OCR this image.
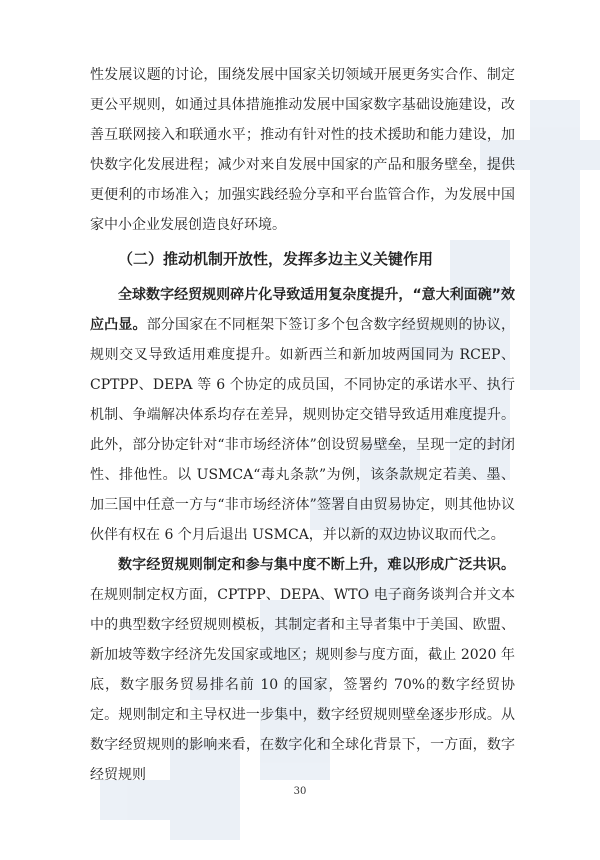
性发展议题的讨论，围绕发展中国家关切领域开展更务实合作、制定更公平规则，如通过具体措施推动发展中国家数字基础设施建设，改善互联网接入和联通水平；推动有针对性的技术援助和能力建设，加快数字化发展进程；减少对来自发展中国家的产品和服务壁垒，提供更便利的市场准入；加强实践经验分享和平台监管合作，为发展中国家中小企业发展创造良好环境。

（二）推动机制开放性，发挥多边主义关键作用

全球数字经贸规则碎片化导致适用复杂度提升，“意大利面碗”效应凸显。部分国家在不同框架下签订多个包含数字经贸规则的协议，规则交叉导致适用难度提升。如新西兰和新加坡两国同为 RCEP、CPTPP、DEPA 等 6 个协定的成员国，不同协定的承诺水平、执行机制、争端解决体系均存在差异，规则协定交错导致适用难度提升。此外，部分协定针对“非市场经济体”创设贸易壁垒，呈现一定的封闭性、排他性。以 USMCA“毒丸条款”为例，该条款规定若美、墨、加三国中任意一方与“非市场经济体”签署自由贸易协定，则其他协议伙伴有权在 6 个月后退出 USMCA，并以新的双边协议取而代之。

数字经贸规则制定和参与集中度不断上升，难以形成广泛共识。在规则制定权方面，CPTPP、DEPA、WTO 电子商务谈判合并文本中的典型数字经贸规则模板，其制定者和主导者集中于美国、欧盟、新加坡等数字经济先发国家或地区；规则参与度方面，截止 2020 年底，数字服务贸易排名前 10 的国家，签署约 70%的数字经贸协定。规则制定和主导权进一步集中，数字经贸规则壁垒逐步形成。从数字经贸规则的影响来看，在数字化和全球化背景下，一方面，数字经贸规则

30
